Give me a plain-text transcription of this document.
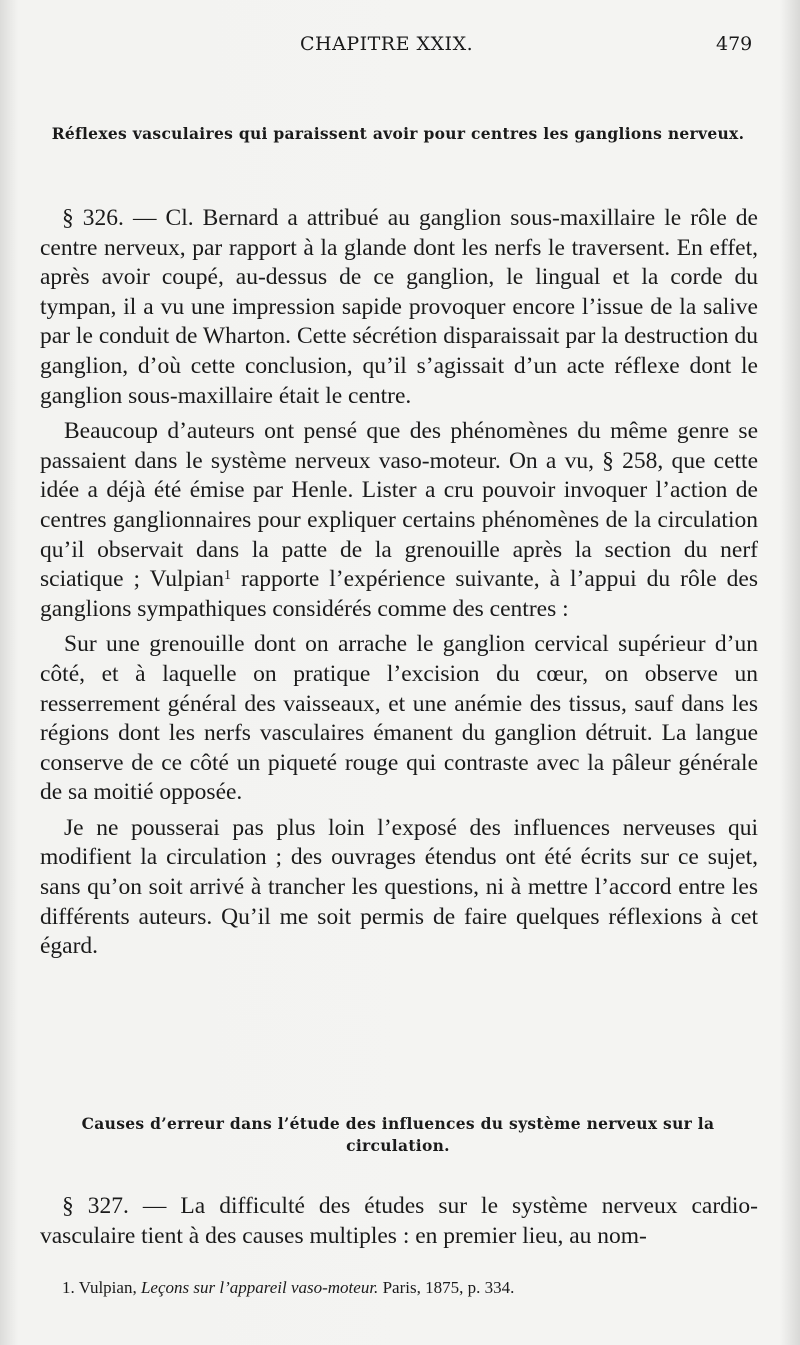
CHAPITRE XXIX.	479
Réflexes vasculaires qui paraissent avoir pour centres les ganglions nerveux.

§ 326. — Cl. Bernard a attribué au ganglion sous-maxillaire le rôle de centre nerveux, par rapport à la glande dont les nerfs le traversent. En effet, après avoir coupé, au-dessus de ce ganglion, le lingual et la corde du tympan, il a vu une impression sapide provoquer encore l’issue de la salive par le conduit de Wharton. Cette sécrétion disparaissait par la destruction du ganglion, d’où cette conclusion, qu’il s’agissait d’un acte réflexe dont le ganglion sous-maxillaire était le centre.

Beaucoup d’auteurs ont pensé que des phénomènes du même genre se passaient dans le système nerveux vaso-moteur. On a vu, § 258, que cette idée a déjà été émise par Henle. Lister a cru pouvoir invoquer l’action de centres ganglionnaires pour expliquer certains phénomènes de la circulation qu’il observait dans la patte de la grenouille après la section du nerf sciatique ; Vulpian$^1$ rapporte l’expérience suivante, à l’appui du rôle des ganglions sympathiques considérés comme des centres :

Sur une grenouille dont on arrache le ganglion cervical supérieur d’un côté, et à laquelle on pratique l’excision du cœur, on observe un resserrement général des vaisseaux, et une anémie des tissus, sauf dans les régions dont les nerfs vasculaires émanent du ganglion détruit. La langue conserve de ce côté un piqueté rouge qui contraste avec la pâleur générale de sa moitié opposée.

Je ne pousserai pas plus loin l’exposé des influences nerveuses qui modifient la circulation ; des ouvrages étendus ont été écrits sur ce sujet, sans qu’on soit arrivé à trancher les questions, ni à mettre l’accord entre les différents auteurs. Qu’il me soit permis de faire quelques réflexions à cet égard.

Causes d’erreur dans l’étude des influences du système nerveux sur la circulation.

§ 327. — La difficulté des études sur le système nerveux cardio-vasculaire tient à des causes multiples : en premier lieu, au nom-

1. Vulpian, Leçons sur l’appareil vaso-moteur. Paris, 1875, p. 334.
